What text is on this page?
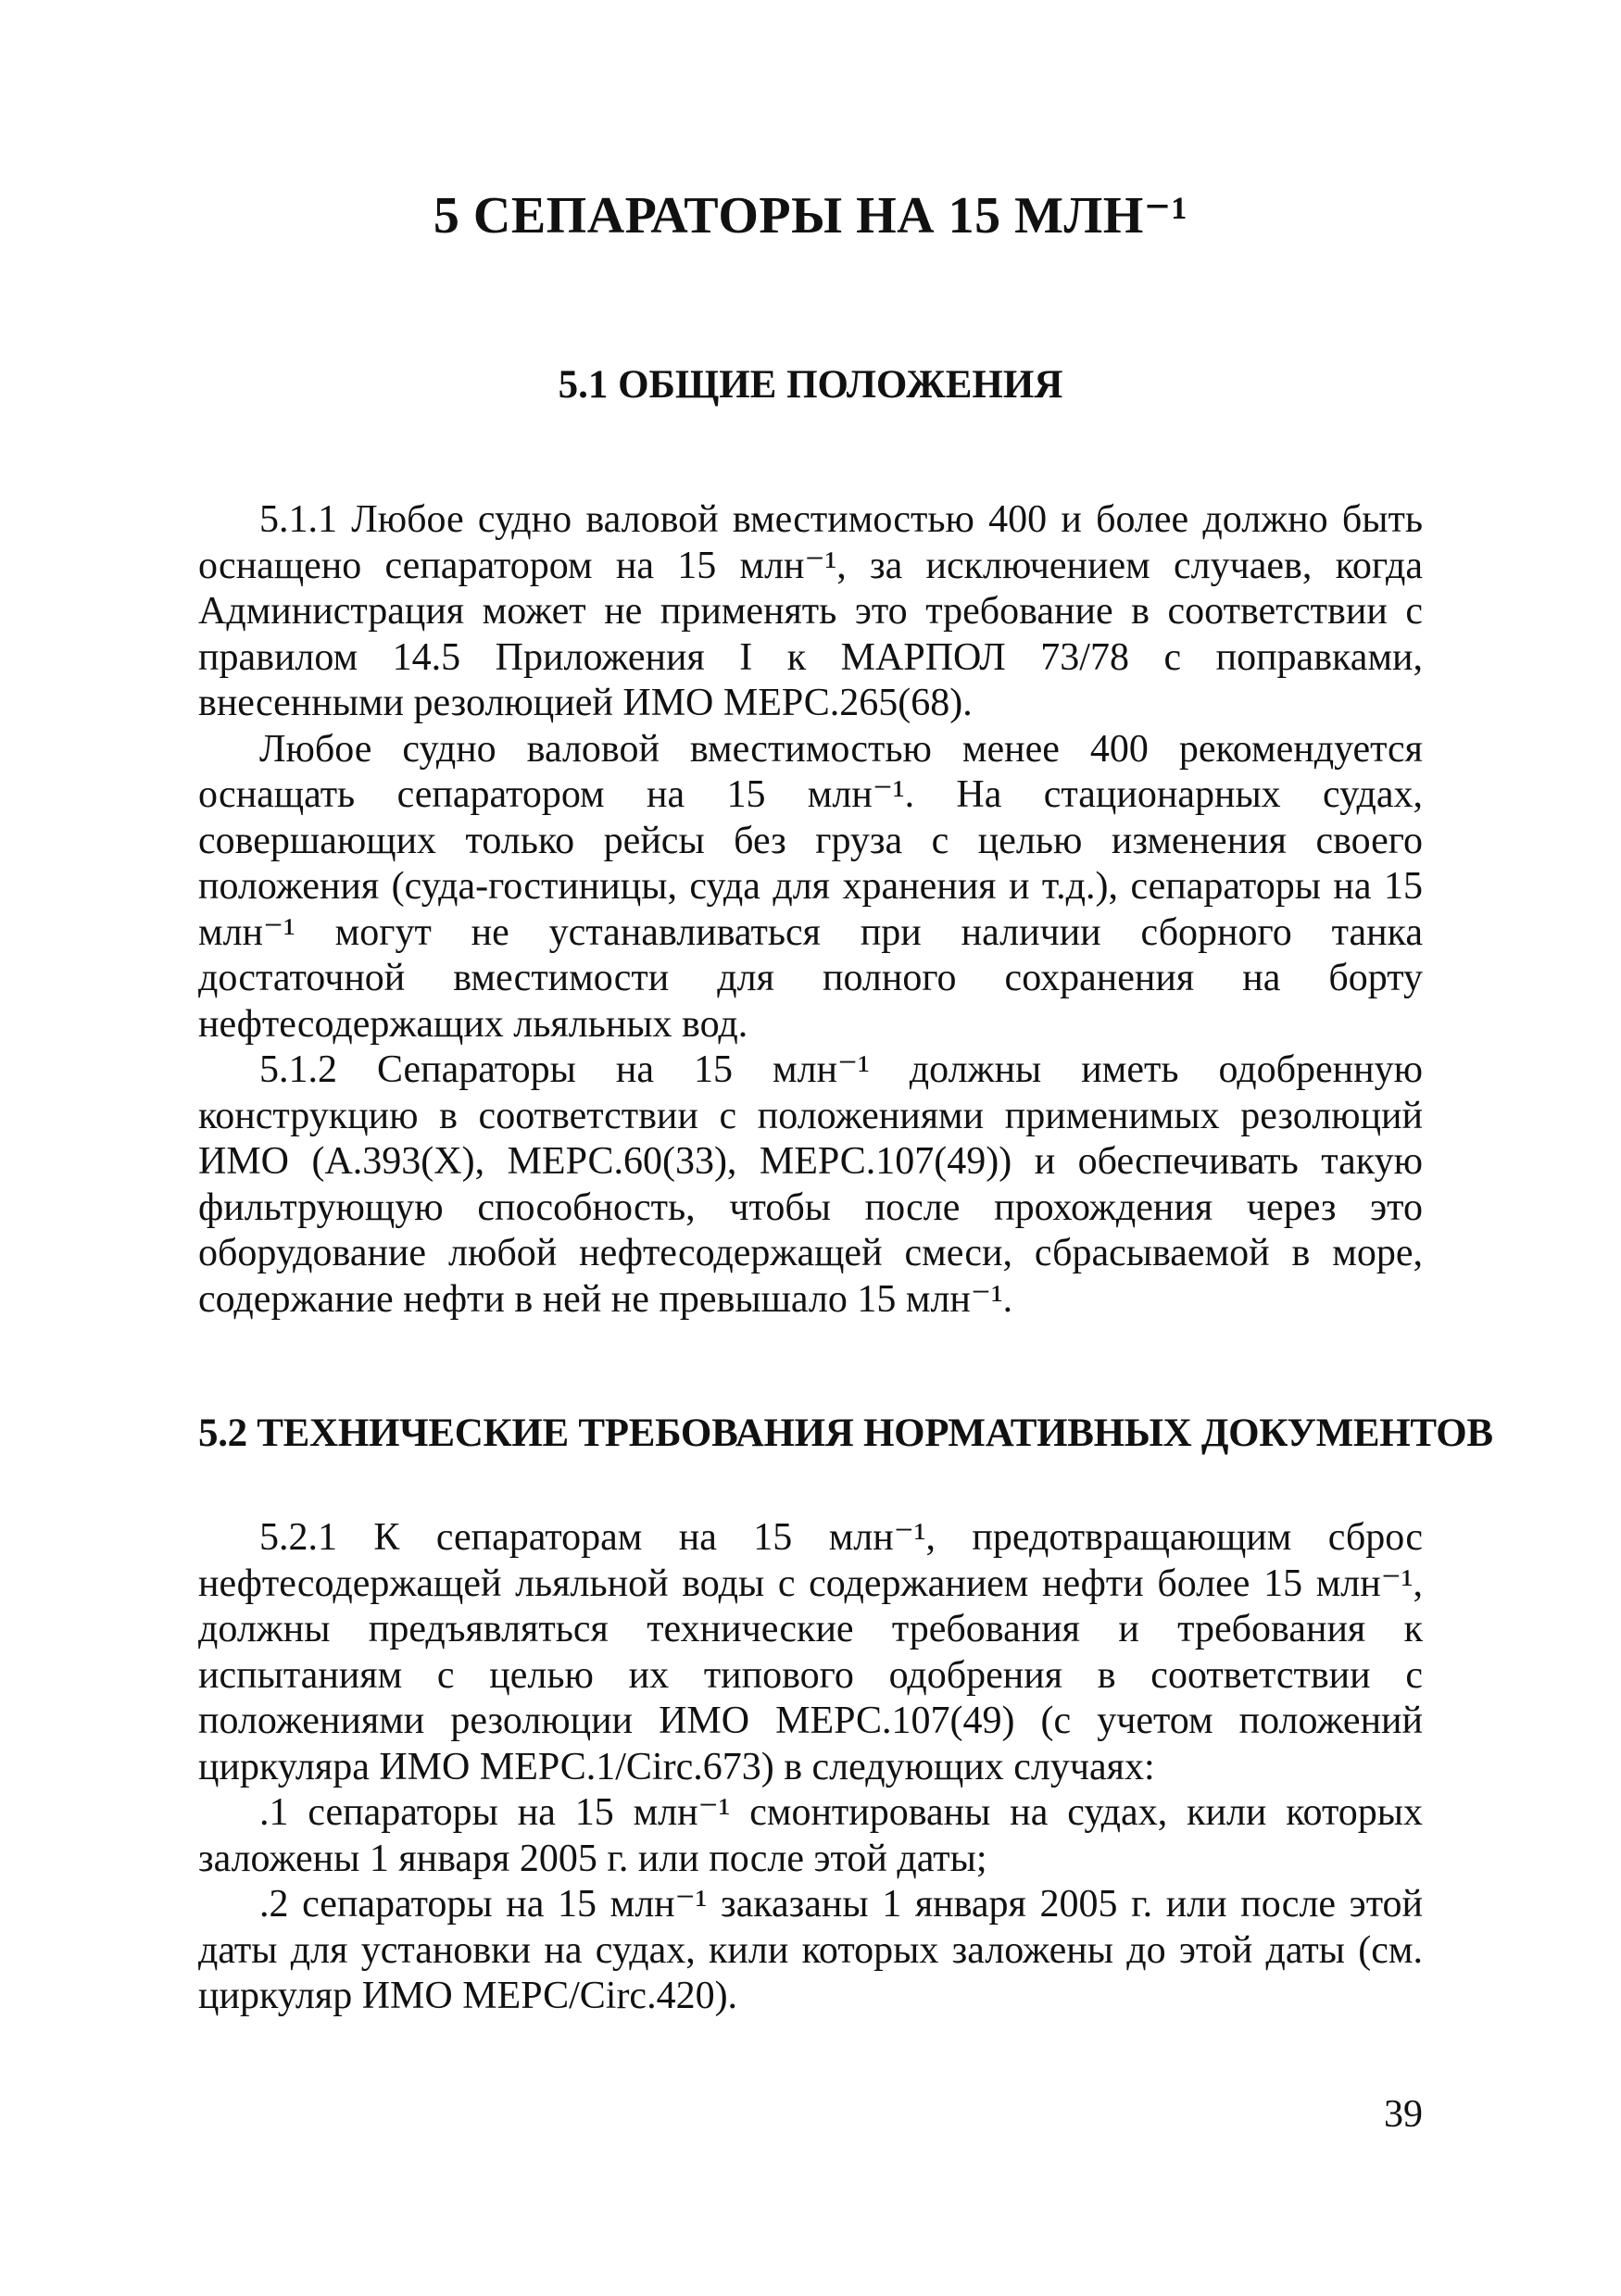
5 СЕПАРАТОРЫ НА 15 МЛН⁻¹
5.1 ОБЩИЕ ПОЛОЖЕНИЯ

5.1.1 Любое судно валовой вместимостью 400 и более должно быть оснащено сепаратором на 15 млн⁻¹, за исключением случаев, когда Администрация может не применять это требование в соответствии с правилом 14.5 Приложения I к МАРПОЛ 73/78 с поправками, внесенными резолюцией ИМО МЕРС.265(68).

Любое судно валовой вместимостью менее 400 рекомендуется оснащать сепаратором на 15 млн⁻¹. На стационарных судах, совершающих только рейсы без груза с целью изменения своего положения (суда-гостиницы, суда для хранения и т.д.), сепараторы на 15 млн⁻¹ могут не устанавливаться при наличии сборного танка достаточной вместимости для полного сохранения на борту нефтесодержащих льяльных вод.

5.1.2 Сепараторы на 15 млн⁻¹ должны иметь одобренную конструкцию в соответствии с положениями применимых резолюций ИМО (А.393(Х), МЕРС.60(33), МЕРС.107(49)) и обеспечивать такую фильтрующую способность, чтобы после прохождения через это оборудование любой нефтесодержащей смеси, сбрасываемой в море, содержание нефти в ней не превышало 15 млн⁻¹.

5.2 ТЕХНИЧЕСКИЕ ТРЕБОВАНИЯ НОРМАТИВНЫХ ДОКУМЕНТОВ

5.2.1 К сепараторам на 15 млн⁻¹, предотвращающим сброс нефтесодержащей льяльной воды с содержанием нефти более 15 млн⁻¹, должны предъявляться технические требования и требования к испытаниям с целью их типового одобрения в соответствии с положениями резолюции ИМО МЕРС.107(49) (с учетом положений циркуляра ИМО МЕРС.1/Circ.673) в следующих случаях:

.1 сепараторы на 15 млн⁻¹ смонтированы на судах, кили которых заложены 1 января 2005 г. или после этой даты;

.2 сепараторы на 15 млн⁻¹ заказаны 1 января 2005 г. или после этой даты для установки на судах, кили которых заложены до этой даты (см. циркуляр ИМО МЕРС/Circ.420).

39
